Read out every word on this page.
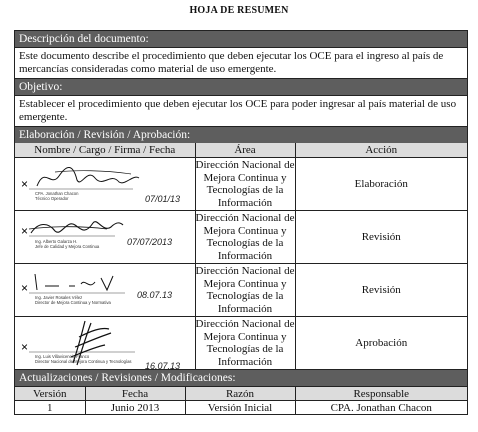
HOJA DE RESUMEN
Descripción del documento:
Este documento describe el procedimiento que deben ejecutar los OCE para el ingreso al país de mercancías consideradas como material de uso emergente.
Objetivo:
Establecer el procedimiento que deben ejecutar los OCE para poder ingresar al país material de uso emergente.
Elaboración / Revisión / Aprobación:
Nombre / Cargo / Firma / Fecha	Área	Acción

×
CPA. Jonathan Chacon
Técnico Operador 07/01/13	Dirección Nacional de Mejora Continua y Tecnologías de la Información	Elaboración

×
Ing. Alberto Galarza H.
Jefe de Calidad y Mejora Continua 07/07/2013	Dirección Nacional de Mejora Continua y Tecnologías de la Información	Revisión

×
Ing. Javier Rosales Vélez
Director de Mejora Continua y Normativa
08.07.13	Dirección Nacional de Mejora Continua y Tecnologías de la Información	Revisión

×
Ing. Luis Villavicencio Franco
Director Nacional de Mejora Continua y Tecnologías 16.07.13	Dirección Nacional de Mejora Continua y Tecnologías de la Información	Aprobación
Actualizaciones / Revisiones / Modificaciones:
Versión	Fecha	Razón	Responsable
1	Junio 2013	Versión Inicial	CPA. Jonathan Chacon
